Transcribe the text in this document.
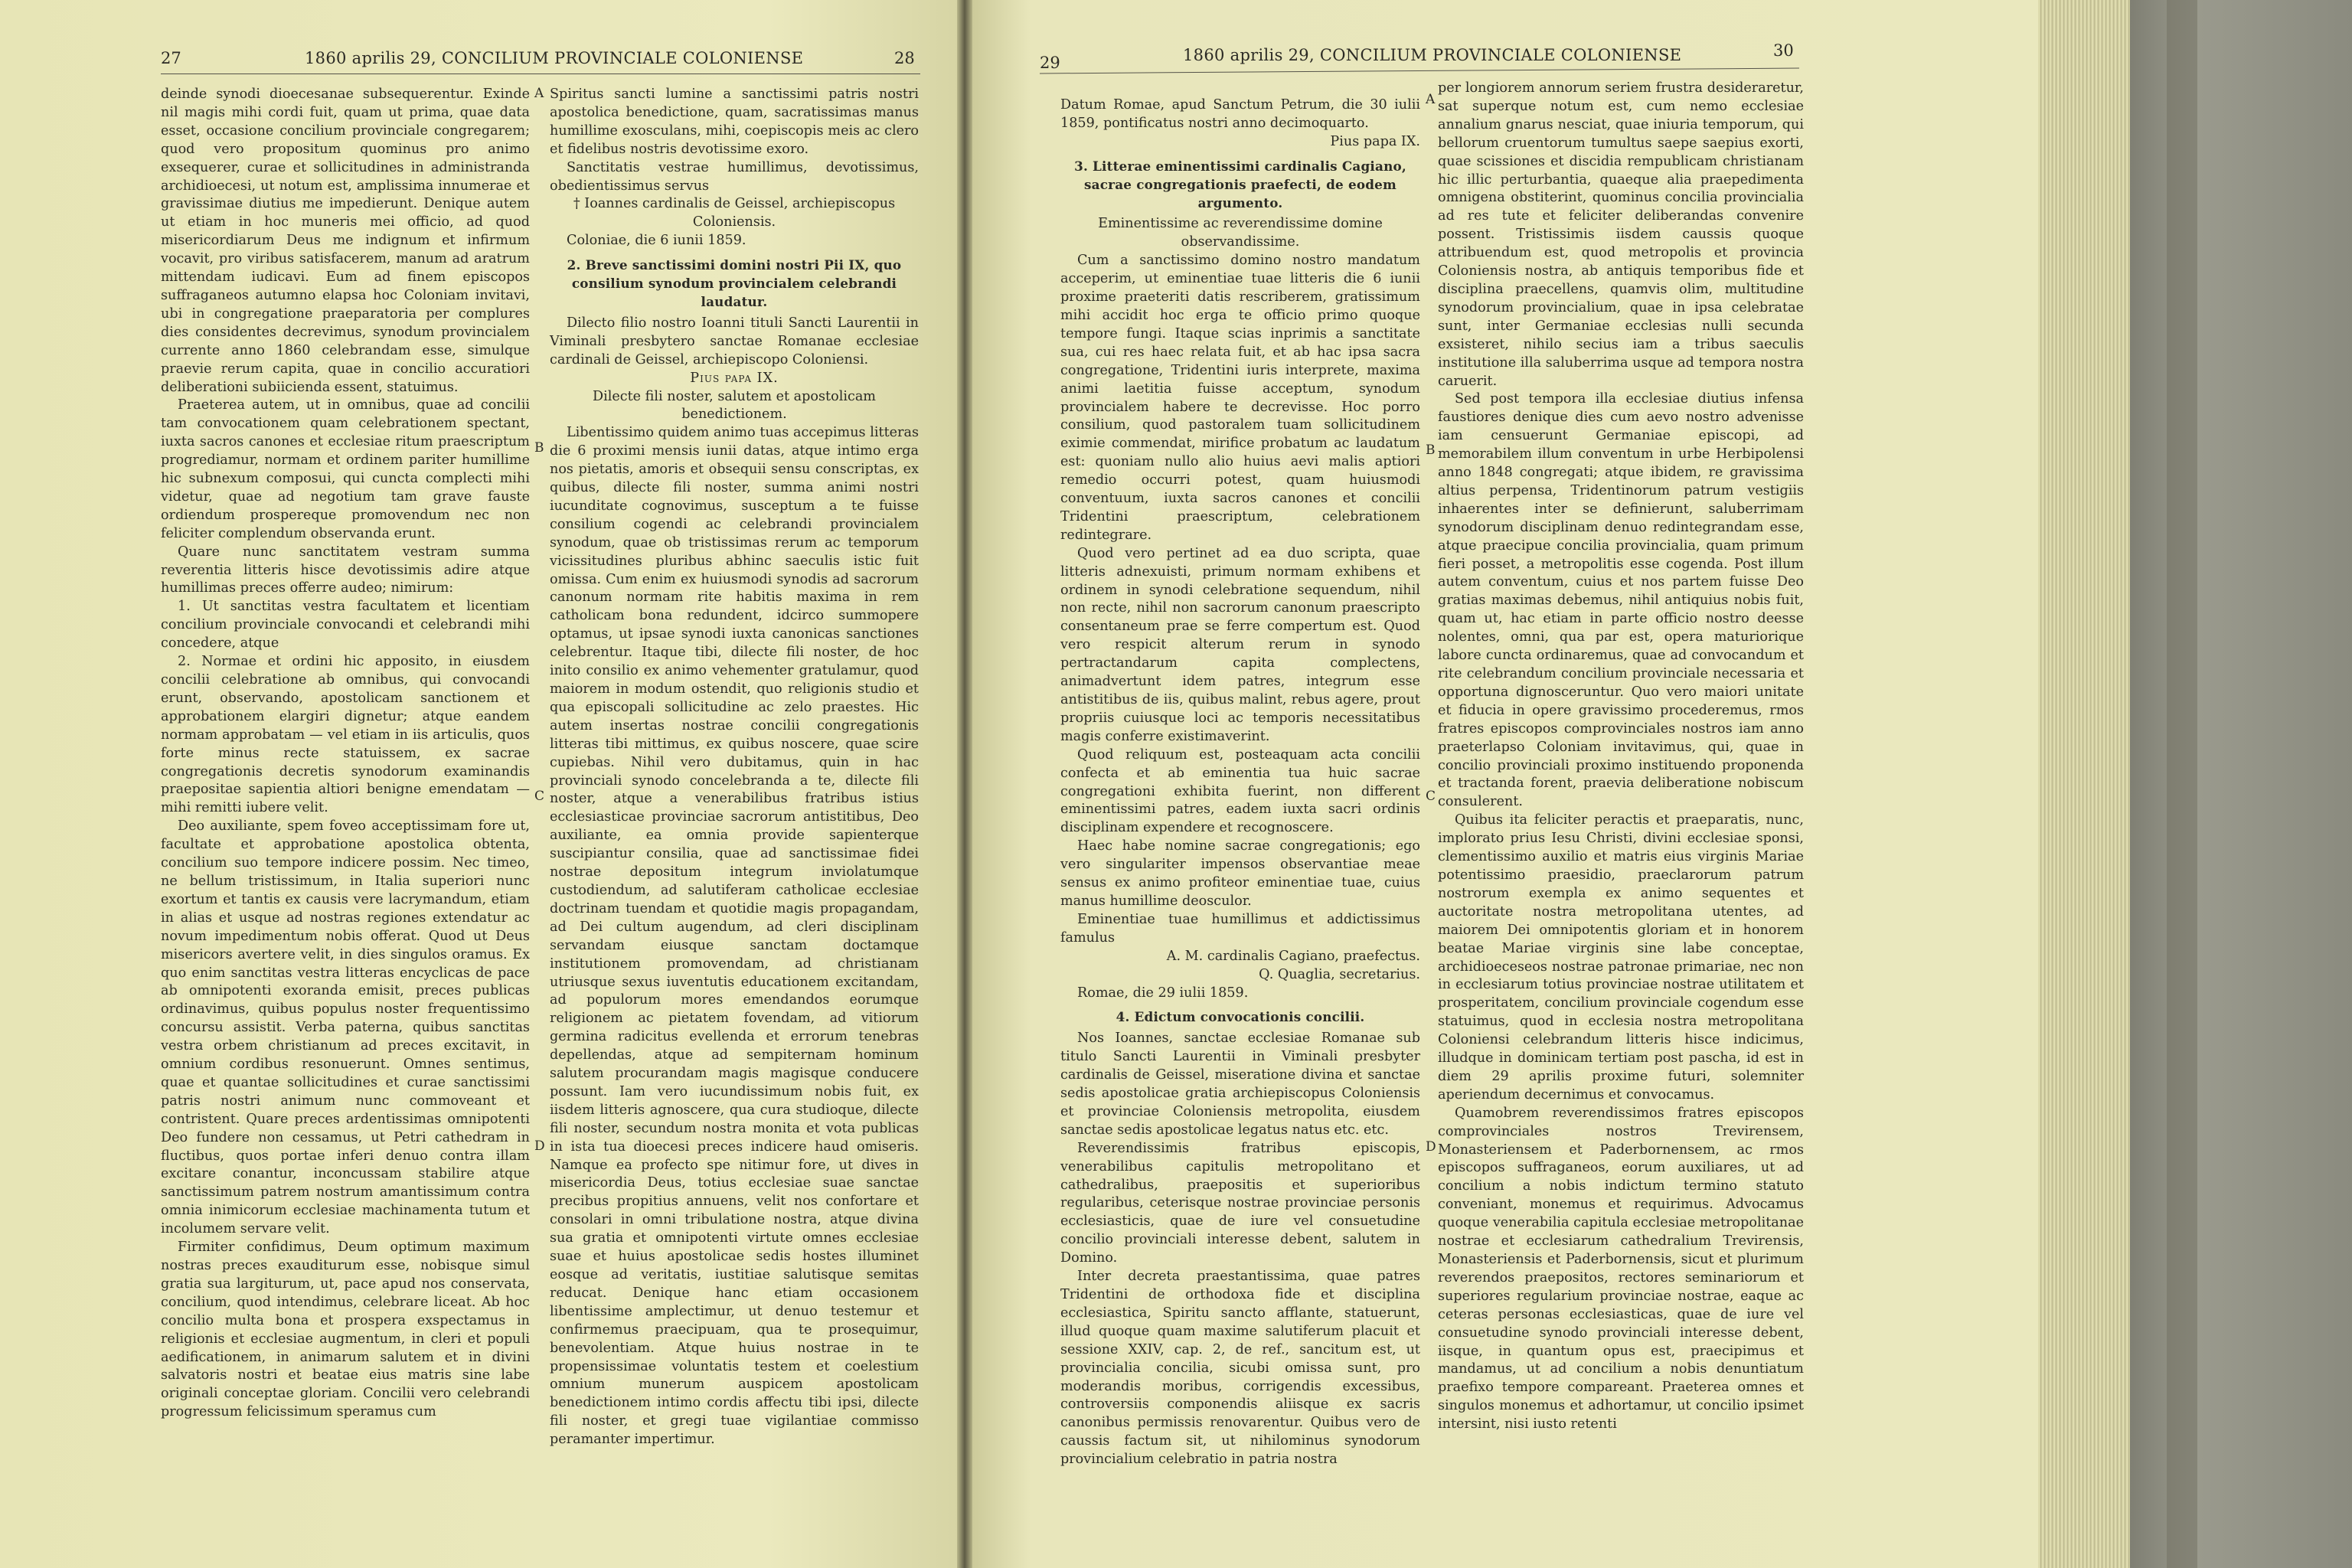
27	1860 aprilis 29, CONCILIUM PROVINCIALE COLONIENSE	28	29	1860 aprilis 29, CONCILIUM PROVINCIALE COLONIENSE	30

deinde synodi dioecesanae subsequerentur. Exinde nil magis mihi cordi fuit, quam ut prima, quae data esset, occasione concilium provinciale congregarem; quod vero propositum quominus pro animo exsequerer, curae et sollicitudines in administranda archidioecesi, ut notum est, amplissima innumerae et gravissimae diutius me impedierunt. Denique autem ut etiam in hoc muneris mei officio, ad quod misericordiarum Deus me indignum et infirmum vocavit, pro viribus satisfacerem, manum ad aratrum mittendam iudicavi. Eum ad finem episcopos suffraganeos autumno elapsa hoc Coloniam invitavi, ubi in congregatione praeparatoria per complures dies considentes decrevimus, synodum provincialem currente anno 1860 celebrandam esse, simulque praevie rerum capita, quae in concilio accuratiori deliberationi subiicienda essent, statuimus.

Praeterea autem, ut in omnibus, quae ad concilii tam convocationem quam celebrationem spectant, iuxta sacros canones et ecclesiae ritum praescriptum progrediamur, normam et ordinem pariter humillime hic subnexum composui, qui cuncta complecti mihi videtur, quae ad negotium tam grave fauste ordiendum prospereque promovendum nec non feliciter complendum observanda erunt.

Quare nunc sanctitatem vestram summa reverentia litteris hisce devotissimis adire atque humillimas preces offerre audeo; nimirum:

1. Ut sanctitas vestra facultatem et licentiam concilium provinciale convocandi et celebrandi mihi concedere, atque

2. Normae et ordini hic apposito, in eiusdem concilii celebratione ab omnibus, qui convocandi erunt, observando, apostolicam sanctionem et approbationem elargiri dignetur; atque eandem normam approbatam — vel etiam in iis articulis, quos forte minus recte statuissem, ex sacrae congregationis decretis synodorum examinandis praepositae sapientia altiori benigne emendatam — mihi remitti iubere velit.

Deo auxiliante, spem foveo acceptissimam fore ut, facultate et approbatione apostolica obtenta, concilium suo tempore indicere possim. Nec timeo, ne bellum tristissimum, in Italia superiori nunc exortum et tantis ex causis vere lacrymandum, etiam in alias et usque ad nostras regiones extendatur ac novum impedimentum nobis offerat. Quod ut Deus misericors avertere velit, in dies singulos oramus. Ex quo enim sanctitas vestra litteras encyclicas de pace ab omnipotenti exoranda emisit, preces publicas ordinavimus, quibus populus noster frequentissimo concursu assistit. Verba paterna, quibus sanctitas vestra orbem christianum ad preces excitavit, in omnium cordibus resonuerunt. Omnes sentimus, quae et quantae sollicitudines et curae sanctissimi patris nostri animum nunc commoveant et contristent. Quare preces ardentissimas omnipotenti Deo fundere non cessamus, ut Petri cathedram in fluctibus, quos portae inferi denuo contra illam excitare conantur, inconcussam stabilire atque sanctissimum patrem nostrum amantissimum contra omnia inimicorum ecclesiae machinamenta tutum et incolumem servare velit.

Firmiter confidimus, Deum optimum maximum nostras preces exauditurum esse, nobisque simul gratia sua largiturum, ut, pace apud nos conservata, concilium, quod intendimus, celebrare liceat. Ab hoc concilio multa bona et prospera exspectamus in religionis et ecclesiae augmentum, in cleri et populi aedificationem, in animarum salutem et in divini salvatoris nostri et beatae eius matris sine labe originali conceptae gloriam. Concilii vero celebrandi progressum felicissimum speramus cum

Spiritus sancti lumine a sanctissimi patris nostri apostolica benedictione, quam, sacratissimas manus humillime exosculans, mihi, coepiscopis meis ac clero et fidelibus nostris devotissime exoro.

Sanctitatis vestrae humillimus, devotissimus, obedientissimus servus

† Ioannes cardinalis de Geissel, archiepiscopus Coloniensis.

Coloniae, die 6 iunii 1859.

2. Breve sanctissimi domini nostri Pii IX, quo consilium synodum provincialem celebrandi laudatur.

Dilecto filio nostro Ioanni tituli Sancti Laurentii in Viminali presbytero sanctae Romanae ecclesiae cardinali de Geissel, archiepiscopo Coloniensi.

Pius papa IX.

Dilecte fili noster, salutem et apostolicam benedictionem.

Libentissimo quidem animo tuas accepimus litteras die 6 proximi mensis iunii datas, atque intimo erga nos pietatis, amoris et obsequii sensu conscriptas, ex quibus, dilecte fili noster, summa animi nostri iucunditate cognovimus, susceptum a te fuisse consilium cogendi ac celebrandi provincialem synodum, quae ob tristissimas rerum ac temporum vicissitudines pluribus abhinc saeculis istic fuit omissa. Cum enim ex huiusmodi synodis ad sacrorum canonum normam rite habitis maxima in rem catholicam bona redundent, idcirco summopere optamus, ut ipsae synodi iuxta canonicas sanctiones celebrentur. Itaque tibi, dilecte fili noster, de hoc inito consilio ex animo vehementer gratulamur, quod maiorem in modum ostendit, quo religionis studio et qua episcopali sollicitudine ac zelo praestes. Hic autem insertas nostrae concilii congregationis litteras tibi mittimus, ex quibus noscere, quae scire cupiebas. Nihil vero dubitamus, quin in hac provinciali synodo concelebranda a te, dilecte fili noster, atque a venerabilibus fratribus istius ecclesiasticae provinciae sacrorum antistitibus, Deo auxiliante, ea omnia provide sapienterque suscipiantur consilia, quae ad sanctissimae fidei nostrae depositum integrum inviolatumque custodiendum, ad salutiferam catholicae ecclesiae doctrinam tuendam et quotidie magis propagandam, ad Dei cultum augendum, ad cleri disciplinam servandam eiusque sanctam doctamque institutionem promovendam, ad christianam utriusque sexus iuventutis educationem excitandam, ad populorum mores emendandos eorumque religionem ac pietatem fovendam, ad vitiorum germina radicitus evellenda et errorum tenebras depellendas, atque ad sempiternam hominum salutem procurandam magis magisque conducere possunt. Iam vero iucundissimum nobis fuit, ex iisdem litteris agnoscere, qua cura studioque, dilecte fili noster, secundum nostra monita et vota publicas in ista tua dioecesi preces indicere haud omiseris. Namque ea profecto spe nitimur fore, ut dives in misericordia Deus, totius ecclesiae suae sanctae precibus propitius annuens, velit nos confortare et consolari in omni tribulatione nostra, atque divina sua gratia et omnipotenti virtute omnes ecclesiae suae et huius apostolicae sedis hostes illuminet eosque ad veritatis, iustitiae salutisque semitas reducat. Denique hanc etiam occasionem libentissime amplectimur, ut denuo testemur et confirmemus praecipuam, qua te prosequimur, benevolentiam. Atque huius nostrae in te propensissimae voluntatis testem et coelestium omnium munerum auspicem apostolicam benedictionem intimo cordis affectu tibi ipsi, dilecte fili noster, et gregi tuae vigilantiae commisso peramanter impertimur.

Datum Romae, apud Sanctum Petrum, die 30 iulii 1859, pontificatus nostri anno decimoquarto.

Pius papa IX.

3. Litterae eminentissimi cardinalis Cagiano, sacrae congregationis praefecti, de eodem argumento.

Eminentissime ac reverendissime domine observandissime.

Cum a sanctissimo domino nostro mandatum acceperim, ut eminentiae tuae litteris die 6 iunii proxime praeteriti datis rescriberem, gratissimum mihi accidit hoc erga te officio primo quoque tempore fungi. Itaque scias inprimis a sanctitate sua, cui res haec relata fuit, et ab hac ipsa sacra congregatione, Tridentini iuris interprete, maxima animi laetitia fuisse acceptum, synodum provincialem habere te decrevisse. Hoc porro consilium, quod pastoralem tuam sollicitudinem eximie commendat, mirifice probatum ac laudatum est: quoniam nullo alio huius aevi malis aptiori remedio occurri potest, quam huiusmodi conventuum, iuxta sacros canones et concilii Tridentini praescriptum, celebrationem redintegrare.

Quod vero pertinet ad ea duo scripta, quae litteris adnexuisti, primum normam exhibens et ordinem in synodi celebratione sequendum, nihil non recte, nihil non sacrorum canonum praescripto consentaneum prae se ferre compertum est. Quod vero respicit alterum rerum in synodo pertractandarum capita complectens, animadvertunt idem patres, integrum esse antistitibus de iis, quibus malint, rebus agere, prout propriis cuiusque loci ac temporis necessitatibus magis conferre existimaverint.

Quod reliquum est, posteaquam acta concilii confecta et ab eminentia tua huic sacrae congregationi exhibita fuerint, non different eminentissimi patres, eadem iuxta sacri ordinis disciplinam expendere et recognoscere.

Haec habe nomine sacrae congregationis; ego vero singulariter impensos observantiae meae sensus ex animo profiteor eminentiae tuae, cuius manus humillime deosculor.

Eminentiae tuae humillimus et addictissimus famulus

A. M. cardinalis Cagiano, praefectus.

Q. Quaglia, secretarius.

Romae, die 29 iulii 1859.

4. Edictum convocationis concilii.

Nos Ioannes, sanctae ecclesiae Romanae sub titulo Sancti Laurentii in Viminali presbyter cardinalis de Geissel, miseratione divina et sanctae sedis apostolicae gratia archiepiscopus Coloniensis et provinciae Coloniensis metropolita, eiusdem sanctae sedis apostolicae legatus natus etc. etc.

Reverendissimis fratribus episcopis, venerabilibus capitulis metropolitano et cathedralibus, praepositis et superioribus regularibus, ceterisque nostrae provinciae personis ecclesiasticis, quae de iure vel consuetudine concilio provinciali interesse debent, salutem in Domino.

Inter decreta praestantissima, quae patres Tridentini de orthodoxa fide et disciplina ecclesiastica, Spiritu sancto afflante, statuerunt, illud quoque quam maxime salutiferum placuit et sessione XXIV, cap. 2, de ref., sancitum est, ut provincialia concilia, sicubi omissa sunt, pro moderandis moribus, corrigendis excessibus, controversiis componendis aliisque ex sacris canonibus permissis renovarentur. Quibus vero de caussis factum sit, ut nihilominus synodorum provincialium celebratio in patria nostra

per longiorem annorum seriem frustra desideraretur, sat superque notum est, cum nemo ecclesiae annalium gnarus nesciat, quae iniuria temporum, qui bellorum cruentorum tumultus saepe saepius exorti, quae scissiones et discidia rempublicam christianam hic illic perturbantia, quaeque alia praepedimenta omnigena obstiterint, quominus concilia provincialia ad res tute et feliciter deliberandas convenire possent. Tristissimis iisdem caussis quoque attribuendum est, quod metropolis et provincia Coloniensis nostra, ab antiquis temporibus fide et disciplina praecellens, quamvis olim, multitudine synodorum provincialium, quae in ipsa celebratae sunt, inter Germaniae ecclesias nulli secunda exsisteret, nihilo secius iam a tribus saeculis institutione illa saluberrima usque ad tempora nostra caruerit.

Sed post tempora illa ecclesiae diutius infensa faustiores denique dies cum aevo nostro advenisse iam censuerunt Germaniae episcopi, ad memorabilem illum conventum in urbe Herbipolensi anno 1848 congregati; atque ibidem, re gravissima altius perpensa, Tridentinorum patrum vestigiis inhaerentes inter se definierunt, saluberrimam synodorum disciplinam denuo redintegrandam esse, atque praecipue concilia provincialia, quam primum fieri posset, a metropolitis esse cogenda. Post illum autem conventum, cuius et nos partem fuisse Deo gratias maximas debemus, nihil antiquius nobis fuit, quam ut, hac etiam in parte officio nostro deesse nolentes, omni, qua par est, opera maturiorique labore cuncta ordinaremus, quae ad convocandum et rite celebrandum concilium provinciale necessaria et opportuna dignosceruntur. Quo vero maiori unitate et fiducia in opere gravissimo procederemus, rmos fratres episcopos comprovinciales nostros iam anno praeterlapso Coloniam invitavimus, qui, quae in concilio provinciali proximo instituendo proponenda et tractanda forent, praevia deliberatione nobiscum consulerent.

Quibus ita feliciter peractis et praeparatis, nunc, implorato prius Iesu Christi, divini ecclesiae sponsi, clementissimo auxilio et matris eius virginis Mariae potentissimo praesidio, praeclarorum patrum nostrorum exempla ex animo sequentes et auctoritate nostra metropolitana utentes, ad maiorem Dei omnipotentis gloriam et in honorem beatae Mariae virginis sine labe conceptae, archidioeceseos nostrae patronae primariae, nec non in ecclesiarum totius provinciae nostrae utilitatem et prosperitatem, concilium provinciale cogendum esse statuimus, quod in ecclesia nostra metropolitana Coloniensi celebrandum litteris hisce indicimus, illudque in dominicam tertiam post pascha, id est in diem 29 aprilis proxime futuri, solemniter aperiendum decernimus et convocamus.

Quamobrem reverendissimos fratres episcopos comprovinciales nostros Trevirensem, Monasteriensem et Paderbornensem, ac rmos episcopos suffraganeos, eorum auxiliares, ut ad concilium a nobis indictum termino statuto conveniant, monemus et requirimus. Advocamus quoque venerabilia capitula ecclesiae metropolitanae nostrae et ecclesiarum cathedralium Trevirensis, Monasteriensis et Paderbornensis, sicut et plurimum reverendos praepositos, rectores seminariorum et superiores regularium provinciae nostrae, eaque ac ceteras personas ecclesiasticas, quae de iure vel consuetudine synodo provinciali interesse debent, iisque, in quantum opus est, praecipimus et mandamus, ut ad concilium a nobis denuntiatum praefixo tempore compareant. Praeterea omnes et singulos monemus et adhortamur, ut concilio ipsimet intersint, nisi iusto retenti

A
B
C
D
A
B
C
D
